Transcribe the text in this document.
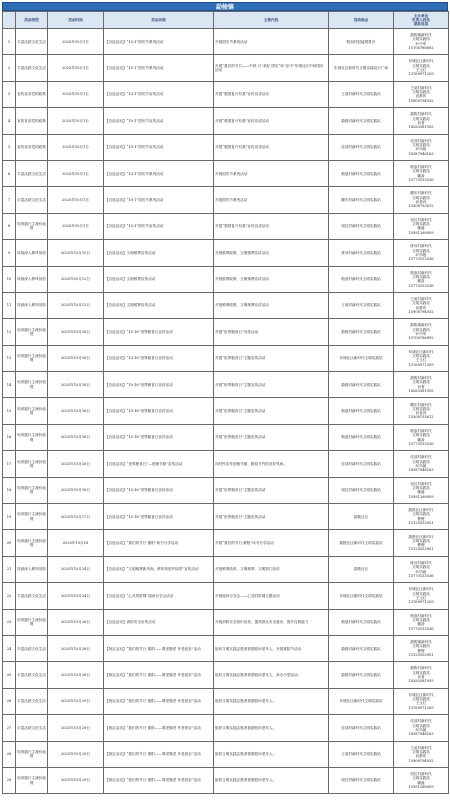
勐梭镇
	活动类型	活动时间	活动名称	主要内容	活动地点	主办单位
负责人姓名
联系电话

1	丰富活跃文化生活	2025年10月1日	【自选活动】“10·1”国庆节系列活动	开展国庆节系列活动	帕浪村挝能观景台	勐梭镇新时代
文明实践所
叶中军
15708786892

2	丰富活跃文化生活	2025年10月1日	【自选活动】“10·1”国庆节系列活动	开展“我们的节日——中秋·月”美好 国庆“家”乐中”东城社区中秋国庆活动	东城社区新时代文明实践站小广场	东城社区新时代
文明实践站
王玉红
13769971209

3	宣传宣讲党的政策	2025年10月1日	【自选活动】“10·1”国庆节宣传活动	开展“强国复兴有我”宣传宣讲活动	王莫村新时代文明实践站	王莫村新时代
文明实践站
岩都布
15908794932

4	宣传宣讲党的政策	2025年10月1日	【自选活动】“10·1”国庆节宣传活动	开展“强国复兴有我”宣传宣讲活动	勐梭村新时代文明实践站	勐梭村新时代
文明实践站
岩者
18283381955

5	宣传宣讲党的政策	2025年10月1日	【自选活动】“10·1”国庆节宣传活动	开展“强国复兴有我”宣传宣讲活动	佳部村新时代文明实践站	佳部村新时代
文明实践站
叶所姐
18187946163

6	丰富活跃文化生活	2025年10月1日	【自选活动】“10·1”国庆节系列活动	开展国庆节系列活动	帕浪村新时代文明实践站	帕浪村新时代
文明实践站
娜洛
15770153536

7	丰富活跃文化生活	2025年10月1日	【自选活动】“10·1”国庆节系列活动	开展国庆节系列活动	糯东村新时代文明实践站	糯东村新时代
文明实践站
岩者丙
15308793612

8	培育践行主流价值观	2025年10月1日	【自选活动】“10·1”国庆节宣传活动	开展“强国复兴有我”宣传宣讲活动	里拉村新时代文明实践站	里拉村新时代
文明实践站
娜盛
15991288959

9	持续深入移风易俗	2025年10月10日	【自选活动】文明殡葬宣传活动	开展殡葬政策、文明殡葬宣讲活动	班母村新时代文明实践站	班母村新时代
文明实践站
叶所姐
15770153536

10	持续深入移风易俗	2025年10月12日	【自选活动】文明殡葬宣传活动	开展殡葬政策、文明殡葬宣讲活动	帕浪村新时代文明实践站	帕浪村新时代
文明实践站
娜洛
15770153536

11	持续深入移风易俗	2025年10月12日	【自选活动】文明殡葬宣传活动	开展殡葬政策、文明殡葬宣讲活动	王莫村新时代文明实践站	王莫村新时代
文明实践站
岩都布
15908794932

12	培育践行主流价值观	2025年10月16日	【自选活动】“10·16”世界粮食日宣传活动	开展“世界粮食日”宣传活动	勐梭村新时代文明实践站	勐梭镇新时代
文明实践所
叶中军
15708786892

13	培育践行主流价值观	2025年10月16日	【自选活动】“10·16”世界粮食日宣传活动	开展“世界粮食日”主题宣传活动	东城社区新时代文明实践站	东城社区新时代
文明实践站
王玉红
13769971209

14	培育践行主流价值观	2025年10月16日	【自选活动】“10·16”世界粮食日宣传活动	开展“世界粮食日”主题宣传活动	勐梭村新时代文明实践站	勐梭村新时代
文明实践站
岩者
18283381955

15	培育践行主流价值观	2025年10月16日	【自选活动】“10·16”世界粮食日宣传活动	开展“世界粮食日”主题宣传活动	帕浪村新时代文明实践站	糯东村新时代
文明实践站
岩者丙
15308793612

16	培育践行主流价值观	2025年10月16日	【自选活动】“10·16”世界粮食日宣传活动	开展“世界粮食日”主题宣传活动	帕浪村新时代文明实践站	帕浪村新时代
文明实践站
娜洛
15770153536

17	培育践行主流价值观	2025年10月16日	【自选活动】“世界粮食日”—爱粮节粮”宣传活动	向村民宣传爱粮节粮、勤俭节约的良好风尚。	佳部村新时代文明实践站	佳部村新时代
文明实践站
叶所姐
18187946163

18	培育践行主流价值观	2025年10月16日	【自选活动】“10·16”世界粮食日宣传活动	开展“世界粮食日”主题宣传活动	里拉村新时代文明实践站	里拉村新时代
文明实践站
娜盛
15991288959

19	培育践行主流价值观	2025年10月17日	【自选活动】“10·16”世界粮食日宣传活动	开展“世界粮食日”主题宣传活动	勐梭社区	勐梭社区新时代
文明实践站
曹俊
15125553951

20	培育践行主流价值观	2025年10月18	【自选活动】“我们的节日·重阳”读书分享活动	开展“我们的节日·重阳”读书分享活动	勐梭社区新时代文明实践站	勐梭社区新时代
文明实践站
曹俊
15125553951

21	持续深入移风易俗	2025年10月24日	【自选活动】“文明殡葬新风尚，移风易俗护绿景”宣传活动	开展殡葬改革、文明殡葬、文明祭扫宣传	勐梭社区	班母村新时代
文明实践站
叶所姐
15770153536

22	丰富活跃文化生活	2025年10月24日	【自选活动】“心灵的阶梯”阅读分享会活动	开展阅读分享会——心灵的阶梯主题活动	东城社区新时代文明实践站	东城社区新时代
文明实践站
王玉红
13769971209

23	培育践行主流价值观	2025年10月26日	【自选活动】消防安全宣传活动	开展消防安全知识宣传，提高群众安全意识，提升自救能力	帕浪村新时代文明实践站	帕浪村新时代
文明实践站
娜洛
15770153536

24	丰富活跃文化生活	2025年10月28日	【规定活动】“我们的节日·重阳——尊老敬老 孝老爱亲”活动	组织文明实践志愿者看望慰问老年人，开展重阳节活动	勐梭村新时代文明实践站	勐梭镇新时代
文明实践所
曹俊
15125553951

25	丰富活跃文化生活	2025年10月28日	【规定活动】“我们的节日·重阳——尊老敬老 孝老爱亲”活动	组织文明实践志愿者看望慰问老年人，举办小型活动。	勐梭村新时代文明实践站	勐梭村新时代
文明实践站
岩者
18283381955

26	丰富活跃文化生活	2025年10月29日	【规定活动】“我们的节日·重阳——尊老敬老 孝老爱亲”活动	组织文明实践志愿者看望慰问老年人。	东城社区新时代文明实践站	东城社区新时代
文明实践站
王玉红
13769971209

27	丰富活跃文化生活	2025年10月29日	【规定活动】“我们的节日·重阳——尊老敬老 孝老爱亲”活动	组织文明实践志愿者看望慰问老年人。	佳部村新时代文明实践站	佳部村新时代
文明实践站
叶所姐
18187946163

28	培育践行主流价值观	2025年10月29日	【规定活动】“我们的节日·重阳——尊老敬老 孝老爱亲”活动	组织文明实践志愿者看望慰问老年人。	王莫村新时代文明实践站	王莫村新时代
文明实践站
岩都布
15908794932

29	培育践行主流价值观	2025年10月29日	【规定活动】“我们的节日·重阳——尊老敬老 孝老爱亲”活动	组织文明实践志愿者看望慰问老年人。	里拉村新时代文明实践站	里拉村新时代
文明实践站
娜盛
15991288959
